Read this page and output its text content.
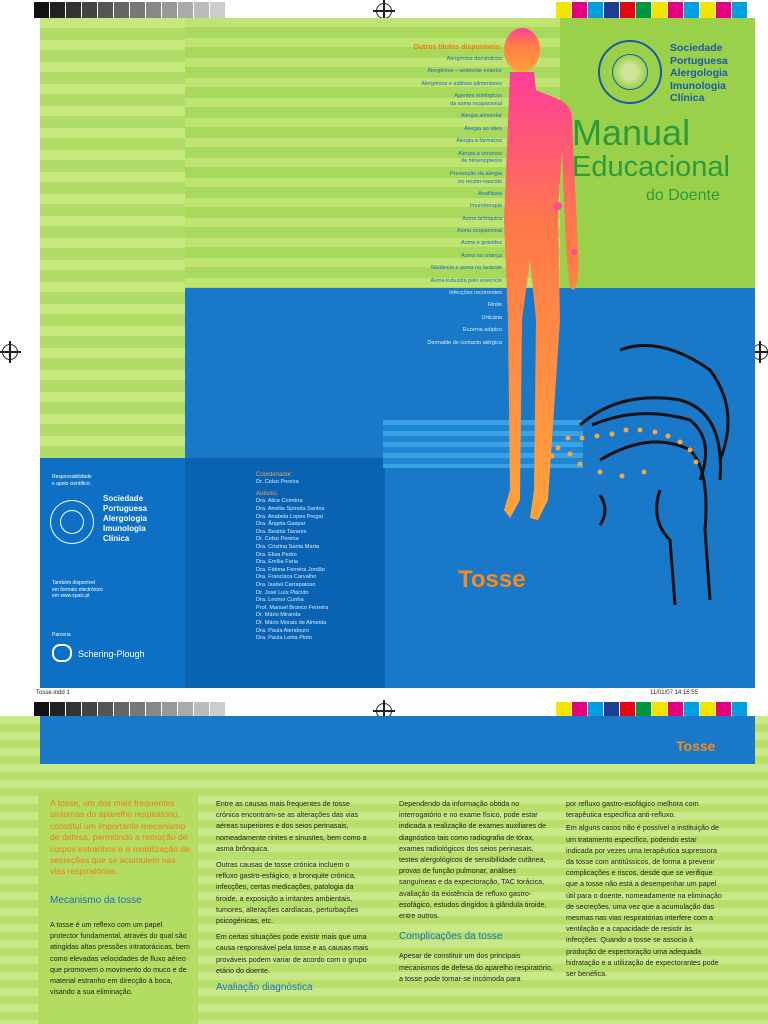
Outros títulos disponíveis:
Alergénios domésticos
Alergénios – ambiente exterior
Alergénios e aditivos alimentares
Agentes etiológicos
da asma ocupacional
Alergia alimentar
Alergia ao látex
Alergia a fármacos
Alergia a venenos
de himenópteros
Prevenção da alergia
no recém-nascido
Anafilaxia
Imunoterapia
Asma brônquica
Asma ocupacional
Asma e gravidez
Asma na criança
Sibilância e asma no lactente
Asma induzida pelo exercício
Infecções recorrentes
Rinite
Urticária
Eczema atópico
Dermatite de contacto alérgica
Sociedade
Portuguesa
Alergologia
Imunologia
Clínica
Manual
Educacional
do Doente
Tosse
Responsabilidade
e apoio científico:
Sociedade
Portuguesa
Alergologia
Imunologia
Clínica
Também disponível
em formato electrónico
em www.spaic.pt
Parceria
Schering-Plough
Coordenador:
Dr. Celso Pereira
Autores:
Dra. Alice Coimbra
Dra. Amélia Spínola Santos
Dra. Anabela Lopes Pregal
Dra. Ângela Gaspar
Dra. Beatriz Tavares
Dr. Celso Pereira
Dra. Cristina Santa Marta
Dra. Elisa Pedro
Dra. Emília Faria
Dra. Fátima Ferreira Jordão
Dra. Francisca Carvalho
Dra. Isabel Carrapatoso
Dr. José Luís Plácido
Dra. Leonor Cunha
Prof. Manuel Branco Ferreira
Dr. Mário Miranda
Dr. Mário Morais de Almeida
Dra. Paula Alendouro
Dra. Paula Leiria Pinto
Tosse.indd 1	11/01/07 14:16:55
Tosse

A tosse, um dos mais frequentes sintomas do aparelho respiratório, constitui um importante mecanismo de defesa, permitindo a remoção de corpos estranhos e a mobilização de secreções que se acumulem nas vias respiratórias.

Mecanismo da tosse

A tosse é um reflexo com um papel protector fundamental, através do qual são atingidas altas pressões intratorácicas, bem como elevadas velocidades de fluxo aéreo que promovem o movimento do muco e de material estranho em direcção à boca, visando a sua eliminação.

Entre as causas mais frequentes de tosse crónica encontram-se as alterações das vias aéreas superiores e dos seios perinasais, nomeadamente rinites e sinusites, bem como a asma brônquica.

Outras causas de tosse crónica incluem o refluxo gastro-esfágico, a bronquite crónica, infecções, certas medicações, patologia da tiroide, a exposição a irritantes ambientais, tumores, alterações cardíacas, perturbações psicogénicas, etc.

Em certas situações pode existir mais que uma causa responsável pela tosse e as causas mais prováveis podem variar de acordo com o grupo etário do doente.

Avaliação diagnóstica

Dependendo da informação obtida no interrogatório e no exame físico, pode estar indicada a realização de exames auxiliares de diagnóstico tais como radiografia de tórax, exames radiológicos dos seios perinasais, testes alergológicos de sensibilidade cutânea, provas de função pulmonar, análises sanguíneas e da expectoração, TAC torácica, avaliação da existência de refluxo gastro-esofágico, estudos dirigidos à glândula tiroide, entre outros.

Complicações da tosse

Apesar de constituir um dos principais mecanismos de defesa do aparelho respiratório, a tosse pode tornar-se incómoda para

por refluxo gastro-esofágico melhora com terapêutica específica anti-refluxo.

Em alguns casos não é possível a instituição de um tratamento específico, podendo estar indicada por vezes uma terapêutica supressora da tosse com antitússicos, de forma a prevenir complicações e riscos, desde que se verifique que a tosse não está a desempenhar um papel útil para o doente, nomeadamente na eliminação de secreções, uma vez que a acumulação das mesmas nas vias respiratórias interfere com a ventilação e a capacidade de resistir às infecções. Quando a tosse se associa à produção de expectoração uma adequada hidratação e a utilização de expectorantes pode ser benéfica.
